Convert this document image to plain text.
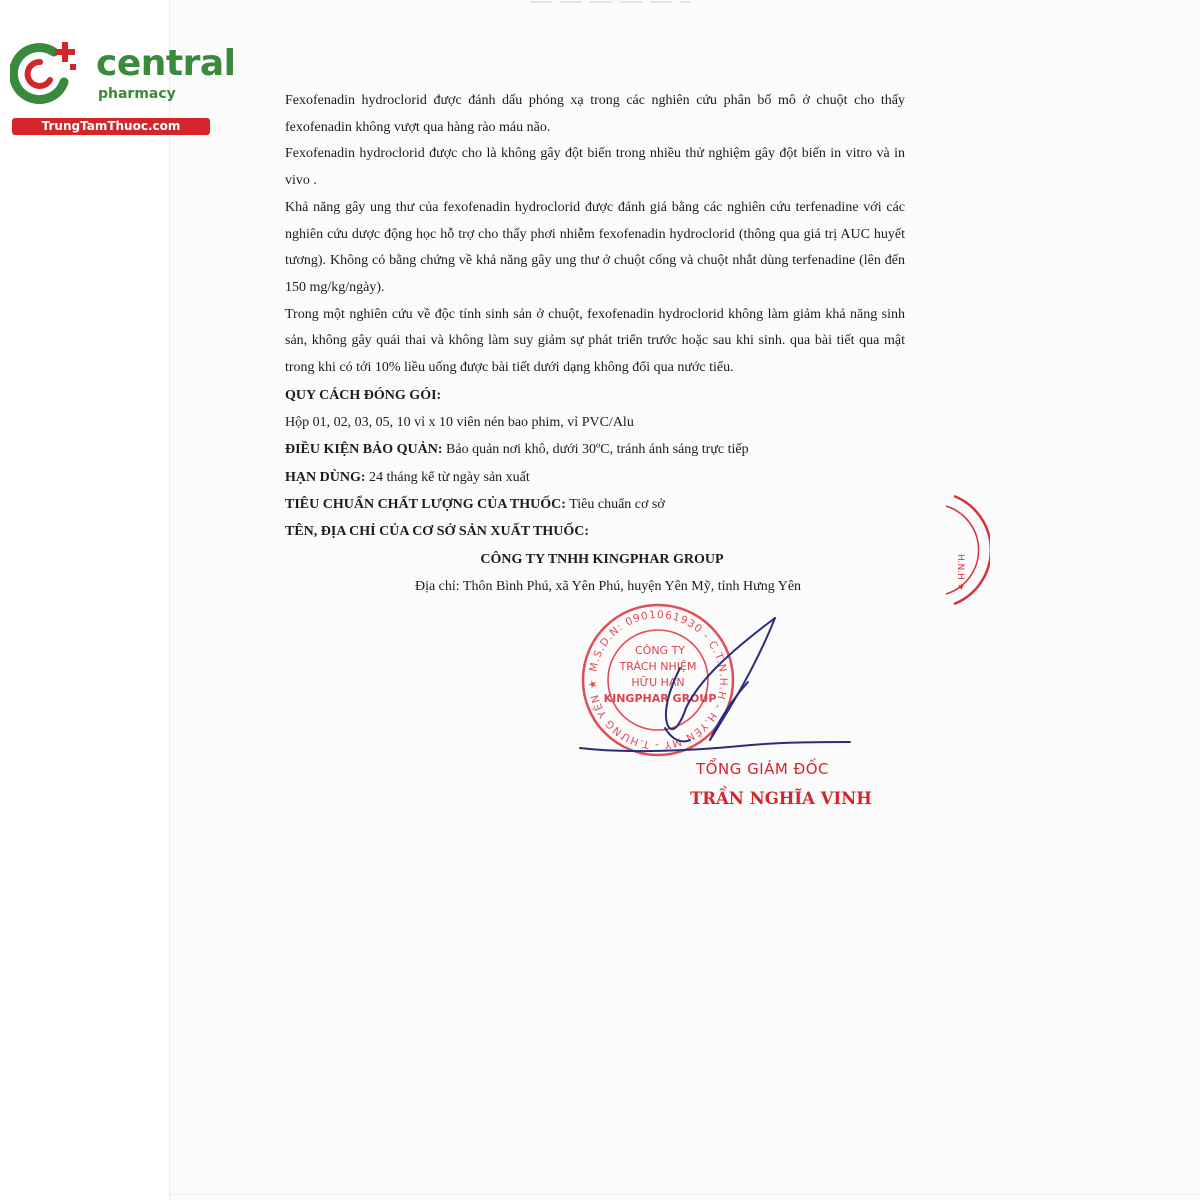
central
pharmacy
TrungTamThuoc.com

Fexofenadin hydroclorid được đánh dấu phóng xạ trong các nghiên cứu phân bố mô ở chuột cho thấy fexofenadin không vượt qua hàng rào máu não.

Fexofenadin hydroclorid được cho là không gây đột biến trong nhiều thử nghiệm gây đột biến in vitro và in vivo .

Khả năng gây ung thư của fexofenadin hydroclorid được đánh giá bằng các nghiên cứu terfenadine với các nghiên cứu dược động học hỗ trợ cho thấy phơi nhiễm fexofenadin hydroclorid (thông qua giá trị AUC huyết tương). Không có bằng chứng về khả năng gây ung thư ở chuột cống và chuột nhắt dùng terfenadine (lên đến 150 mg/kg/ngày).

Trong một nghiên cứu về độc tính sinh sản ở chuột, fexofenadin hydroclorid không làm giảm khả năng sinh sản, không gây quái thai và không làm suy giảm sự phát triển trước hoặc sau khi sinh. qua bài tiết qua mật trong khi có tới 10% liều uống được bài tiết dưới dạng không đổi qua nước tiểu.

QUY CÁCH ĐÓNG GÓI:

Hộp 01, 02, 03, 05, 10 vỉ x 10 viên nén bao phim, vỉ PVC/Alu

ĐIỀU KIỆN BẢO QUẢN: Bảo quản nơi khô, dưới 30ºC, tránh ánh sáng trực tiếp

HẠN DÙNG: 24 tháng kể từ ngày sản xuất

TIÊU CHUẨN CHẤT LƯỢNG CỦA THUỐC: Tiêu chuẩn cơ sở

TÊN, ĐỊA CHỈ CỦA CƠ SỞ SẢN XUẤT THUỐC:

CÔNG TY TNHH KINGPHAR GROUP

Địa chỉ: Thôn Bình Phú, xã Yên Phú, huyện Yên Mỹ, tỉnh Hưng Yên

M.S.D.N: 0901061930 - C.T.N.H.H - H.YÊN MỸ - T.HƯNG YÊN ★
CÔNG TY
TRÁCH NHIỆM
HỮU HẠN
KINGPHAR GROUP
H.N.H ★
TỔNG GIÁM ĐỐC
TRẦN NGHĨA VINH
